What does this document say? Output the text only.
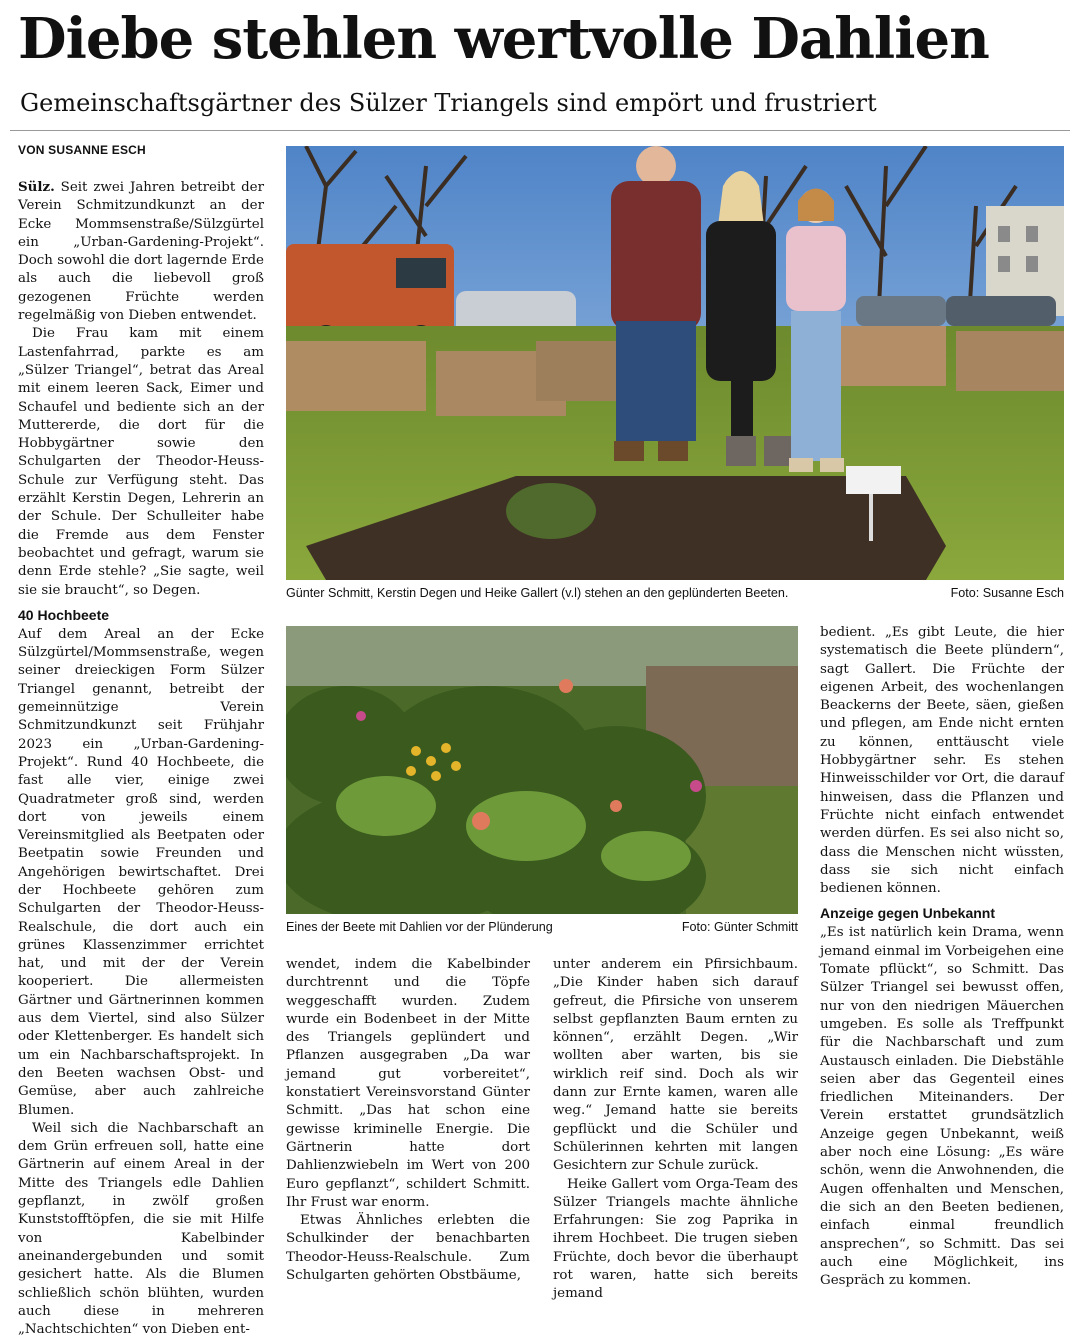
Diebe stehlen wertvolle Dahlien
Gemeinschaftsgärtner des Sülzer Triangels sind empört und frustriert
VON SUSANNE ESCH

Sülz. Seit zwei Jahren betreibt der Verein Schmitzundkunzt an der Ecke Mommsenstraße/Sülzgürtel ein „Urban-Gardening-Projekt“. Doch sowohl die dort lagernde Erde als auch die liebevoll groß gezogenen Früchte werden regelmäßig von Dieben entwendet.

Die Frau kam mit einem Lastenfahrrad, parkte es am „Sülzer Triangel“, betrat das Areal mit einem leeren Sack, Eimer und Schaufel und bediente sich an der Muttererde, die dort für die Hobbygärtner sowie den Schulgarten der Theodor-Heuss-Schule zur Verfügung steht. Das erzählt Kerstin Degen, Lehrerin an der Schule. Der Schulleiter habe die Fremde aus dem Fenster beobachtet und gefragt, warum sie denn Erde stehle? „Sie sagte, weil sie sie braucht“, so Degen.

40 Hochbeete

Auf dem Areal an der Ecke Sülzgürtel/Mommsenstraße, wegen seiner dreieckigen Form Sülzer Triangel genannt, betreibt der gemeinnützige Verein Schmitzundkunzt seit Frühjahr 2023 ein „Urban-Gardening-Projekt“. Rund 40 Hochbeete, die fast alle vier, einige zwei Quadratmeter groß sind, werden dort von jeweils einem Vereinsmitglied als Beetpaten oder Beetpatin sowie Freunden und Angehörigen bewirtschaftet. Drei der Hochbeete gehören zum Schulgarten der Theodor-Heuss-Realschule, die dort auch ein grünes Klassenzimmer errichtet hat, und mit der der Verein kooperiert. Die allermeisten Gärtner und Gärtnerinnen kommen aus dem Viertel, sind also Sülzer oder Klettenberger. Es handelt sich um ein Nachbarschaftsprojekt. In den Beeten wachsen Obst- und Gemüse, aber auch zahlreiche Blumen.

Weil sich die Nachbarschaft an dem Grün erfreuen soll, hatte eine Gärtnerin auf einem Areal in der Mitte des Triangels edle Dahlien gepflanzt, in zwölf großen Kunststofftöpfen, die sie mit Hilfe von Kabelbinder aneinandergebunden und somit gesichert hatte. Als die Blumen schließlich schön blühten, wurden auch diese in mehreren „Nachtschichten“ von Dieben ent-

Günter Schmitt, Kerstin Degen und Heike Gallert (v.l) stehen an den geplünderten Beeten.	Foto: Susanne Esch
Eines der Beete mit Dahlien vor der Plünderung	Foto: Günter Schmitt

wendet, indem die Kabelbinder durchtrennt und die Töpfe weggeschafft wurden. Zudem wurde ein Bodenbeet in der Mitte des Triangels geplündert und Pflanzen ausgegraben „Da war jemand gut vorbereitet“, konstatiert Vereinsvorstand Günter Schmitt. „Das hat schon eine gewisse kriminelle Energie. Die Gärtnerin hatte dort Dahlienzwiebeln im Wert von 200 Euro gepflanzt“, schildert Schmitt. Ihr Frust war enorm.

Etwas Ähnliches erlebten die Schulkinder der benachbarten Theodor-Heuss-Realschule. Zum Schulgarten gehörten Obstbäume,

unter anderem ein Pfirsichbaum. „Die Kinder haben sich darauf gefreut, die Pfirsiche von unserem selbst gepflanzten Baum ernten zu können“, erzählt Degen. „Wir wollten aber warten, bis sie wirklich reif sind. Doch als wir dann zur Ernte kamen, waren alle weg.“ Jemand hatte sie bereits gepflückt und die Schüler und Schülerinnen kehrten mit langen Gesichtern zur Schule zurück.

Heike Gallert vom Orga-Team des Sülzer Triangels machte ähnliche Erfahrungen: Sie zog Paprika in ihrem Hochbeet. Die trugen sieben Früchte, doch bevor die überhaupt rot waren, hatte sich bereits jemand

bedient. „Es gibt Leute, die hier systematisch die Beete plündern“, sagt Gallert. Die Früchte der eigenen Arbeit, des wochenlangen Beackerns der Beete, säen, gießen und pflegen, am Ende nicht ernten zu können, enttäuscht viele Hobbygärtner sehr. Es stehen Hinweisschilder vor Ort, die darauf hinweisen, dass die Pflanzen und Früchte nicht einfach entwendet werden dürfen. Es sei also nicht so, dass die Menschen nicht wüssten, dass sie sich nicht einfach bedienen können.

Anzeige gegen Unbekannt

„Es ist natürlich kein Drama, wenn jemand einmal im Vorbeigehen eine Tomate pflückt“, so Schmitt. Das Sülzer Triangel sei bewusst offen, nur von den niedrigen Mäuerchen umgeben. Es solle als Treffpunkt für die Nachbarschaft und zum Austausch einladen. Die Diebstähle seien aber das Gegenteil eines friedlichen Miteinanders. Der Verein erstattet grundsätzlich Anzeige gegen Unbekannt, weiß aber noch eine Lösung: „Es wäre schön, wenn die Anwohnenden, die Augen offenhalten und Menschen, die sich an den Beeten bedienen, einfach einmal freundlich ansprechen“, so Schmitt. Das sei auch eine Möglichkeit, ins Gespräch zu kommen.
